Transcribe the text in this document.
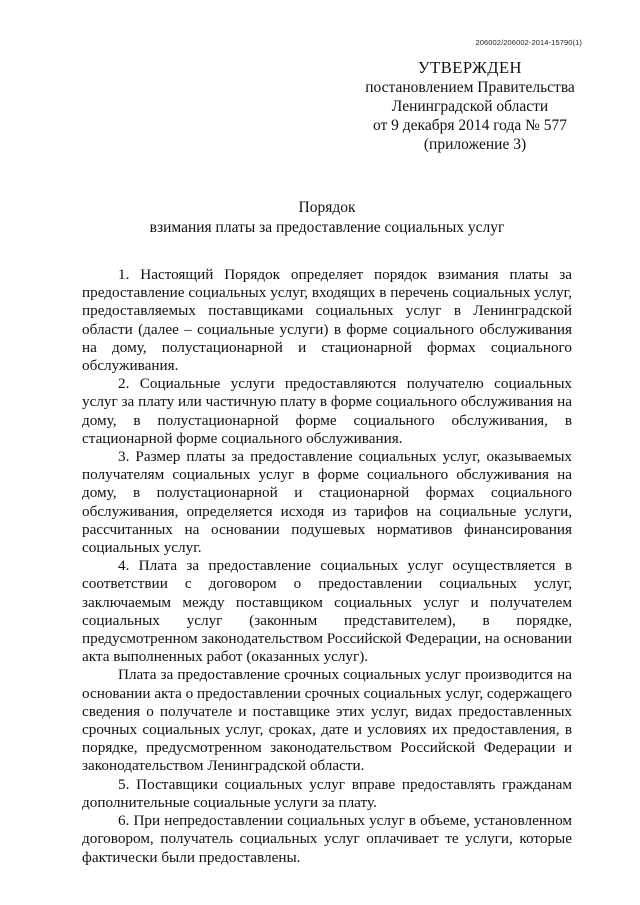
206002/206002-2014-15790(1)
УТВЕРЖДЕН
постановлением Правительства
Ленинградской области
от 9 декабря 2014 года № 577
(приложение 3)
Порядок
взимания платы за предоставление социальных услуг

1. Настоящий Порядок определяет порядок взимания платы за предоставление социальных услуг, входящих в перечень социальных услуг, предоставляемых поставщиками социальных услуг в Ленинградской области (далее – социальные услуги) в форме социального обслуживания на дому, полустационарной и стационарной формах социального обслуживания.

2. Социальные услуги предоставляются получателю социальных услуг за плату или частичную плату в форме социального обслуживания на дому, в полустационарной форме социального обслуживания, в стационарной форме социального обслуживания.

3. Размер платы за предоставление социальных услуг, оказываемых получателям социальных услуг в форме социального обслуживания на дому, в полустационарной и стационарной формах социального обслуживания, определяется исходя из тарифов на социальные услуги, рассчитанных на основании подушевых нормативов финансирования социальных услуг.

4. Плата за предоставление социальных услуг осуществляется в соответствии с договором о предоставлении социальных услуг, заключаемым между поставщиком социальных услуг и получателем социальных услуг (законным представителем), в порядке, предусмотренном законодательством Российской Федерации, на основании акта выполненных работ (оказанных услуг).

Плата за предоставление срочных социальных услуг производится на основании акта о предоставлении срочных социальных услуг, содержащего сведения о получателе и поставщике этих услуг, видах предоставленных срочных социальных услуг, сроках, дате и условиях их предоставления, в порядке, предусмотренном законодательством Российской Федерации и законодательством Ленинградской области.

5. Поставщики социальных услуг вправе предоставлять гражданам дополнительные социальные услуги за плату.

6. При непредоставлении социальных услуг в объеме, установленном договором, получатель социальных услуг оплачивает те услуги, которые фактически были предоставлены.
